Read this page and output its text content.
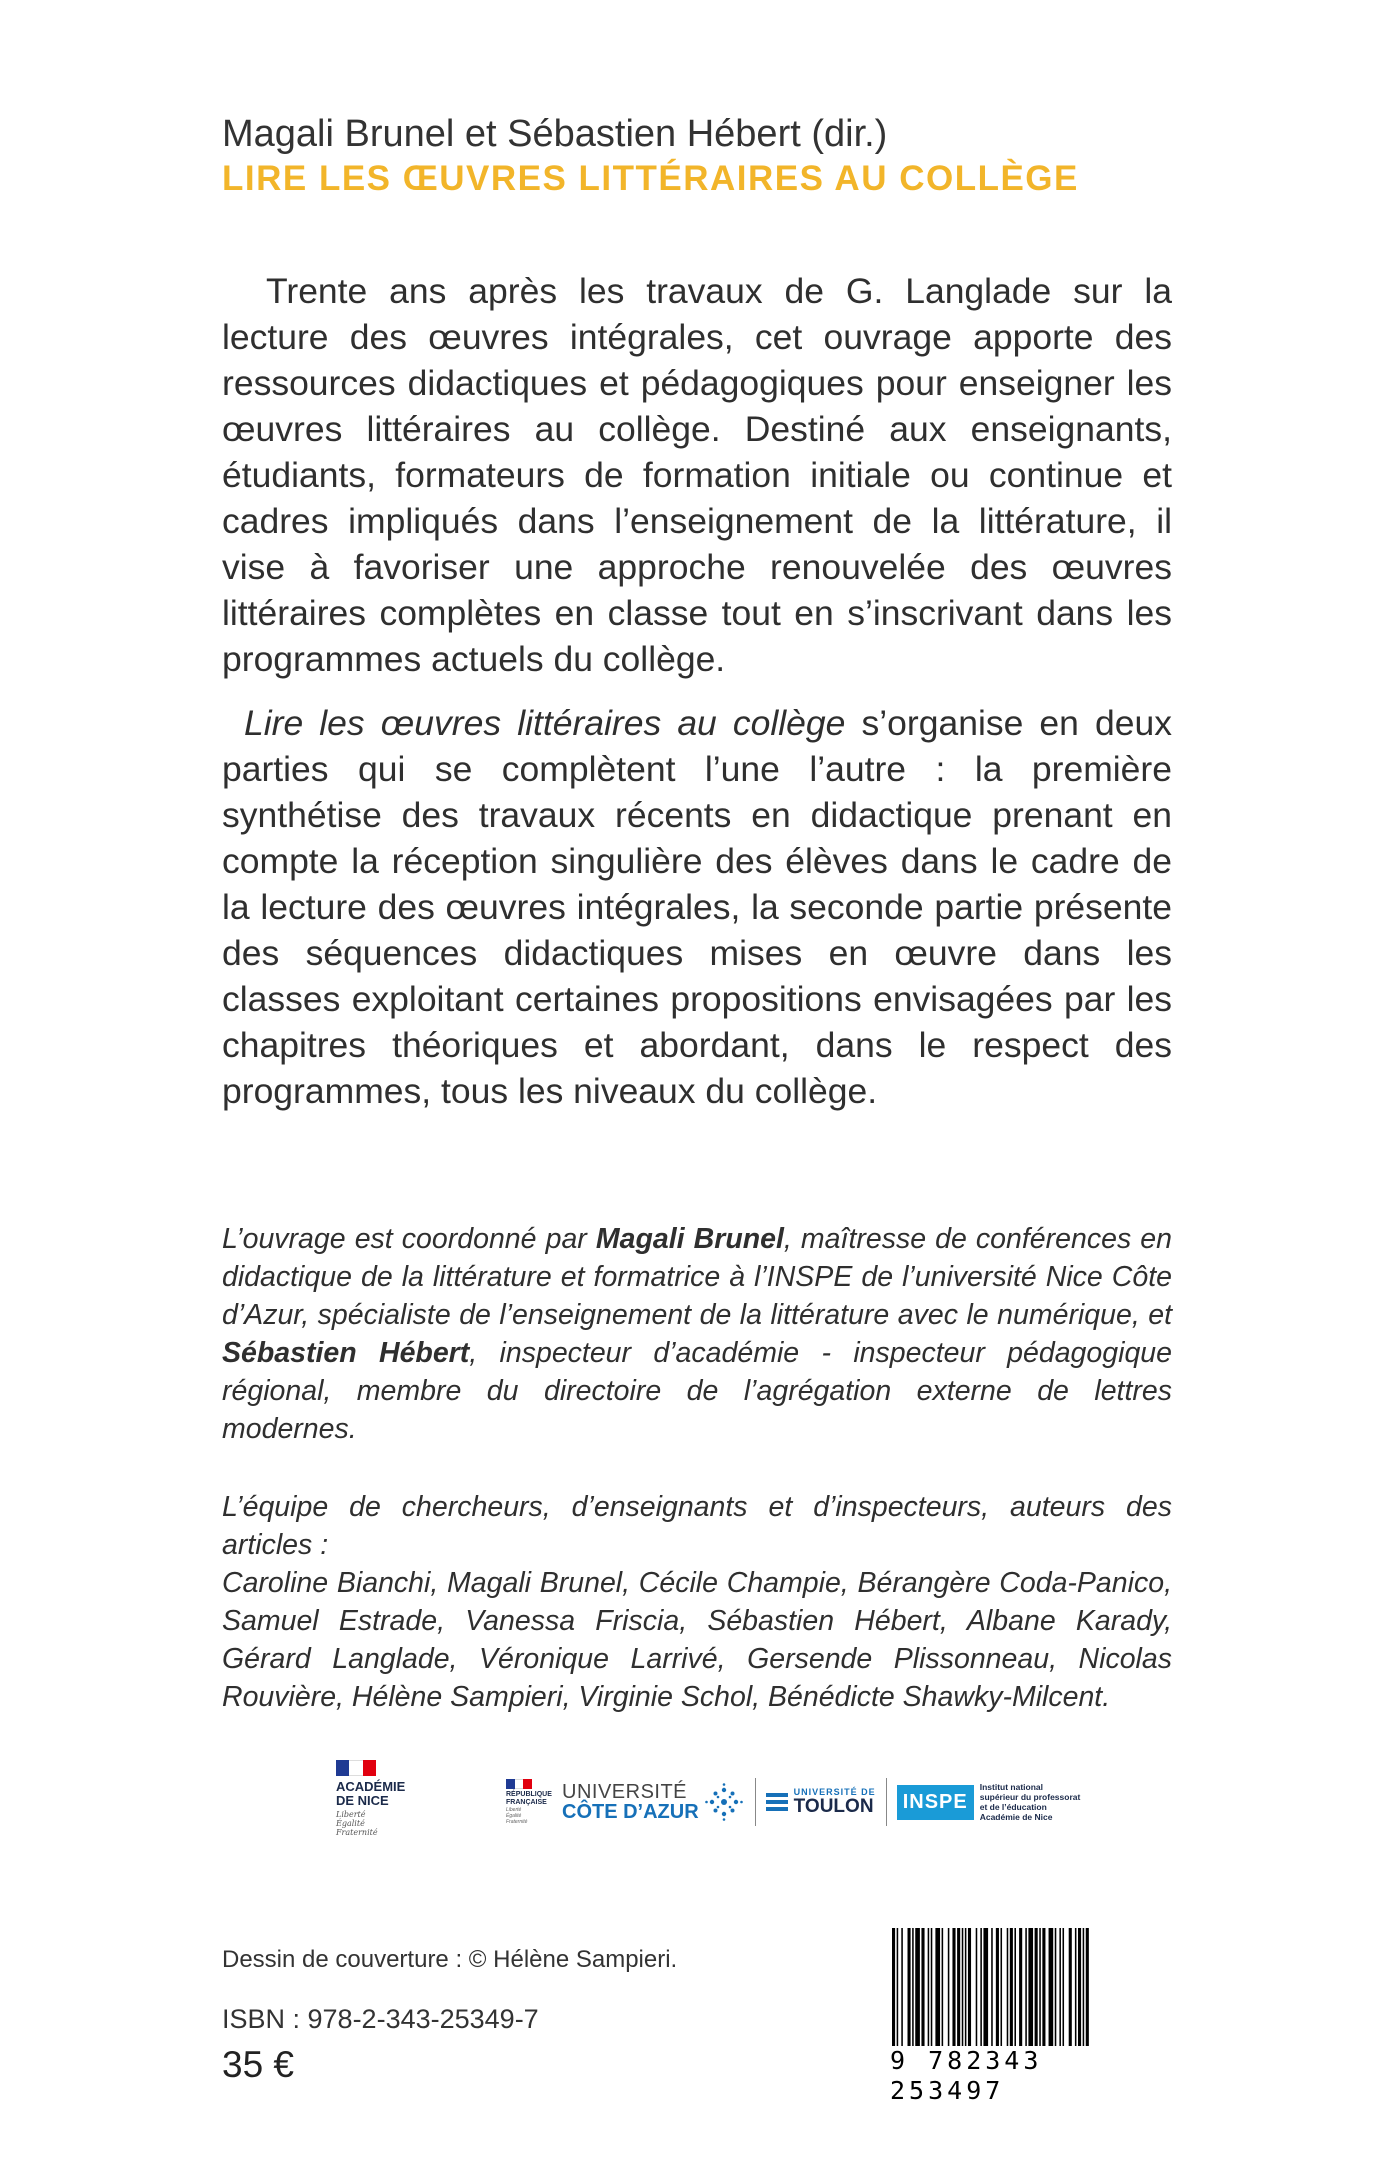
Magali Brunel et Sébastien Hébert (dir.)
LIRE LES ŒUVRES LITTÉRAIRES AU COLLÈGE

Trente ans après les travaux de G. Langlade sur la lecture des œuvres intégrales, cet ouvrage apporte des ressources didactiques et pédagogiques pour enseigner les œuvres littéraires au collège. Destiné aux enseignants, étudiants, formateurs de formation initiale ou continue et cadres impliqués dans l’enseignement de la littérature, il vise à favoriser une approche renouvelée des œuvres littéraires complètes en classe tout en s’inscrivant dans les programmes actuels du collège.

Lire les œuvres littéraires au collège s’organise en deux parties qui se complètent l’une l’autre : la première synthétise des travaux récents en didactique prenant en compte la réception singulière des élèves dans le cadre de la lecture des œuvres intégrales, la seconde partie présente des séquences didactiques mises en œuvre dans les classes exploitant certaines propositions envisagées par les chapitres théoriques et abordant, dans le respect des programmes, tous les niveaux du collège.

L’ouvrage est coordonné par Magali Brunel, maîtresse de conférences en didactique de la littérature et formatrice à l’INSPE de l’université Nice Côte d’Azur, spécialiste de l’enseignement de la littérature avec le numérique, et Sébastien Hébert, inspecteur d’académie - inspecteur pédagogique régional, membre du directoire de l’agrégation externe de lettres modernes.

L’équipe de chercheurs, d’enseignants et d’inspecteurs, auteurs des articles :
Caroline Bianchi, Magali Brunel, Cécile Champie, Bérangère Coda-Panico, Samuel Estrade, Vanessa Friscia, Sébastien Hébert, Albane Karady, Gérard Langlade, Véronique Larrivé, Gersende Plissonneau, Nicolas Rouvière, Hélène Sampieri, Virginie Schol, Bénédicte Shawky-Milcent.

ACADÉMIE
DE NICE
Liberté
Égalité
Fraternité
RÉPUBLIQUE
FRANÇAISE
Liberté
Égalité
Fraternité
UNIVERSITÉ
CÔTE D’AZUR
UNIVERSITÉ DE
TOULON	INSPE
Institut national
supérieur du professorat
et de l’éducation
Académie de Nice
Dessin de couverture : © Hélène Sampieri.
ISBN : 978-2-343-25349-7
35 €	9 782343 253497
